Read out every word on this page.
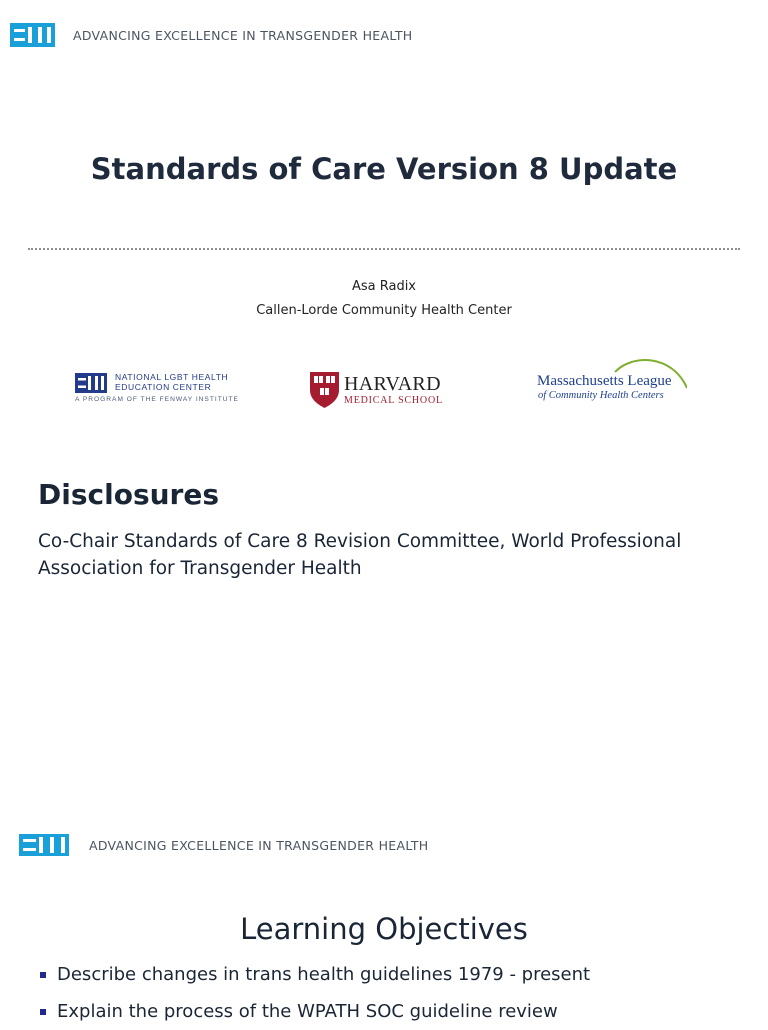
ADVANCING EXCELLENCE IN TRANSGENDER HEALTH
Standards of Care Version 8 Update
Asa Radix
Callen-Lorde Community Health Center
NATIONAL LGBT HEALTH
EDUCATION CENTER
A PROGRAM OF THE FENWAY INSTITUTE
HARVARD
MEDICAL SCHOOL
Massachusetts League
of Community Health Centers
Disclosures
Co-Chair Standards of Care 8 Revision Committee, World Professional
Association for Transgender Health
ADVANCING EXCELLENCE IN TRANSGENDER HEALTH
Learning Objectives
Describe changes in trans health guidelines 1979 - present
Explain the process of the WPATH SOC guideline review
